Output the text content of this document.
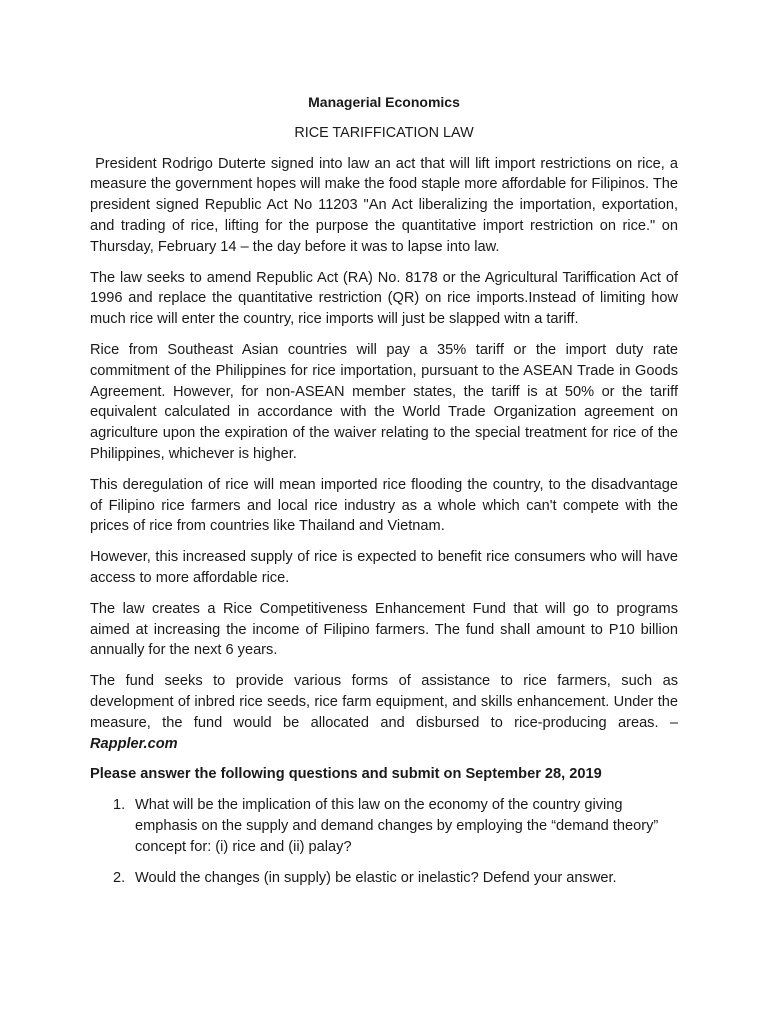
Managerial Economics
RICE TARIFFICATION LAW

President Rodrigo Duterte signed into law an act that will lift import restrictions on rice, a measure the government hopes will make the food staple more affordable for Filipinos. The president signed Republic Act No 11203 "An Act liberalizing the importation, exportation, and trading of rice, lifting for the purpose the quantitative import restriction on rice." on Thursday, February 14 – the day before it was to lapse into law.

The law seeks to amend Republic Act (RA) No. 8178 or the Agricultural Tariffication Act of 1996 and replace the quantitative restriction (QR) on rice imports.Instead of limiting how much rice will enter the country, rice imports will just be slapped witn a tariff.

Rice from Southeast Asian countries will pay a 35% tariff or the import duty rate commitment of the Philippines for rice importation, pursuant to the ASEAN Trade in Goods Agreement. However, for non-ASEAN member states, the tariff is at 50% or the tariff equivalent calculated in accordance with the World Trade Organization agreement on agriculture upon the expiration of the waiver relating to the special treatment for rice of the Philippines, whichever is higher.

This deregulation of rice will mean imported rice flooding the country, to the disadvantage of Filipino rice farmers and local rice industry as a whole which can't compete with the prices of rice from countries like Thailand and Vietnam.

However, this increased supply of rice is expected to benefit rice consumers who will have access to more affordable rice.

The law creates a Rice Competitiveness Enhancement Fund that will go to programs aimed at increasing the income of Filipino farmers. The fund shall amount to P10 billion annually for the next 6 years.

The fund seeks to provide various forms of assistance to rice farmers, such as development of inbred rice seeds, rice farm equipment, and skills enhancement. Under the measure, the fund would be allocated and disbursed to rice-producing areas. – Rappler.com

Please answer the following questions and submit on September 28, 2019
1. What will be the implication of this law on the economy of the country giving emphasis on the supply and demand changes by employing the “demand theory” concept for: (i) rice and (ii) palay?
2. Would the changes (in supply) be elastic or inelastic? Defend your answer.
